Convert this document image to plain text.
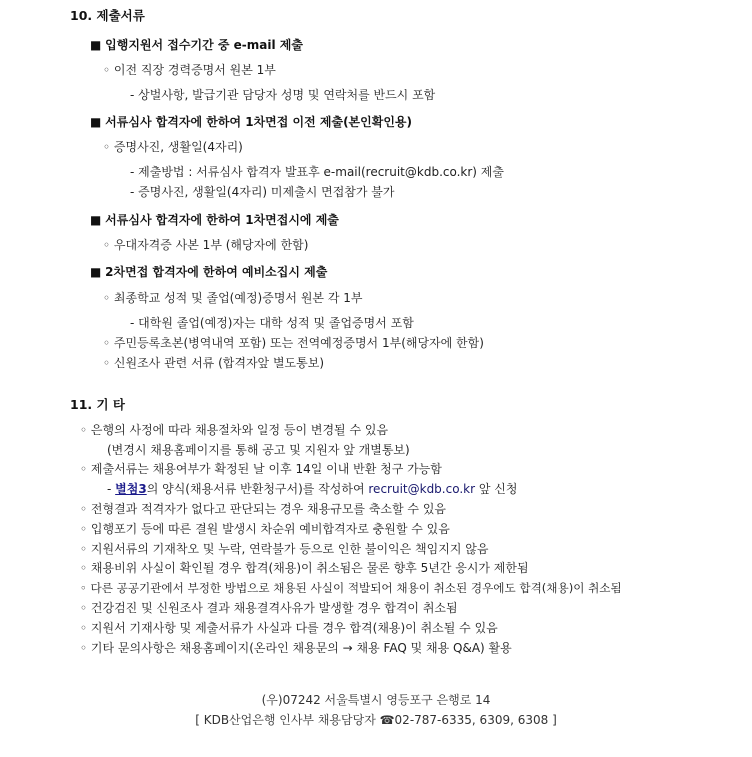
10. 제출서류
■ 입행지원서 접수기간 중 e-mail 제출
◦ 이전 직장 경력증명서 원본 1부
- 상벌사항, 발급기관 담당자 성명 및 연락처를 반드시 포함
■ 서류심사 합격자에 한하여 1차면접 이전 제출(본인확인용)
◦ 증명사진, 생활일(4자리)
- 제출방법 : 서류심사 합격자 발표후 e-mail(recruit@kdb.co.kr) 제출
- 증명사진, 생활일(4자리) 미제출시 면접참가 불가
■ 서류심사 합격자에 한하여 1차면접시에 제출
◦ 우대자격증 사본 1부 (해당자에 한함)
■ 2차면접 합격자에 한하여 예비소집시 제출
◦ 최종학교 성적 및 졸업(예정)증명서 원본 각 1부
- 대학원 졸업(예정)자는 대학 성적 및 졸업증명서 포함
◦ 주민등록초본(병역내역 포함) 또는 전역예정증명서 1부(해당자에 한함)
◦ 신원조사 관련 서류 (합격자앞 별도통보)
11. 기 타
◦ 은행의 사정에 따라 채용절차와 일정 등이 변경될 수 있음
(변경시 채용홈페이지를 통해 공고 및 지원자 앞 개별통보)
◦ 제출서류는 채용여부가 확정된 날 이후 14일 이내 반환 청구 가능함
- 별첨3의 양식(채용서류 반환청구서)를 작성하여 recruit@kdb.co.kr 앞 신청
◦ 전형결과 적격자가 없다고 판단되는 경우 채용규모를 축소할 수 있음
◦ 입행포기 등에 따른 결원 발생시 차순위 예비합격자로 충원할 수 있음
◦ 지원서류의 기재착오 및 누락, 연락불가 등으로 인한 불이익은 책임지지 않음
◦ 채용비위 사실이 확인될 경우 합격(채용)이 취소됨은 물론 향후 5년간 응시가 제한됨
◦ 다른 공공기관에서 부정한 방법으로 채용된 사실이 적발되어 채용이 취소된 경우에도 합격(채용)이 취소됨
◦ 건강검진 및 신원조사 결과 채용결격사유가 발생할 경우 합격이 취소됨
◦ 지원서 기재사항 및 제출서류가 사실과 다를 경우 합격(채용)이 취소될 수 있음
◦ 기타 문의사항은 채용홈페이지(온라인 채용문의 → 채용 FAQ 및 채용 Q&A) 활용
(우)07242 서울특별시 영등포구 은행로 14
[ KDB산업은행 인사부 채용담당자 ☎02-787-6335, 6309, 6308 ]
